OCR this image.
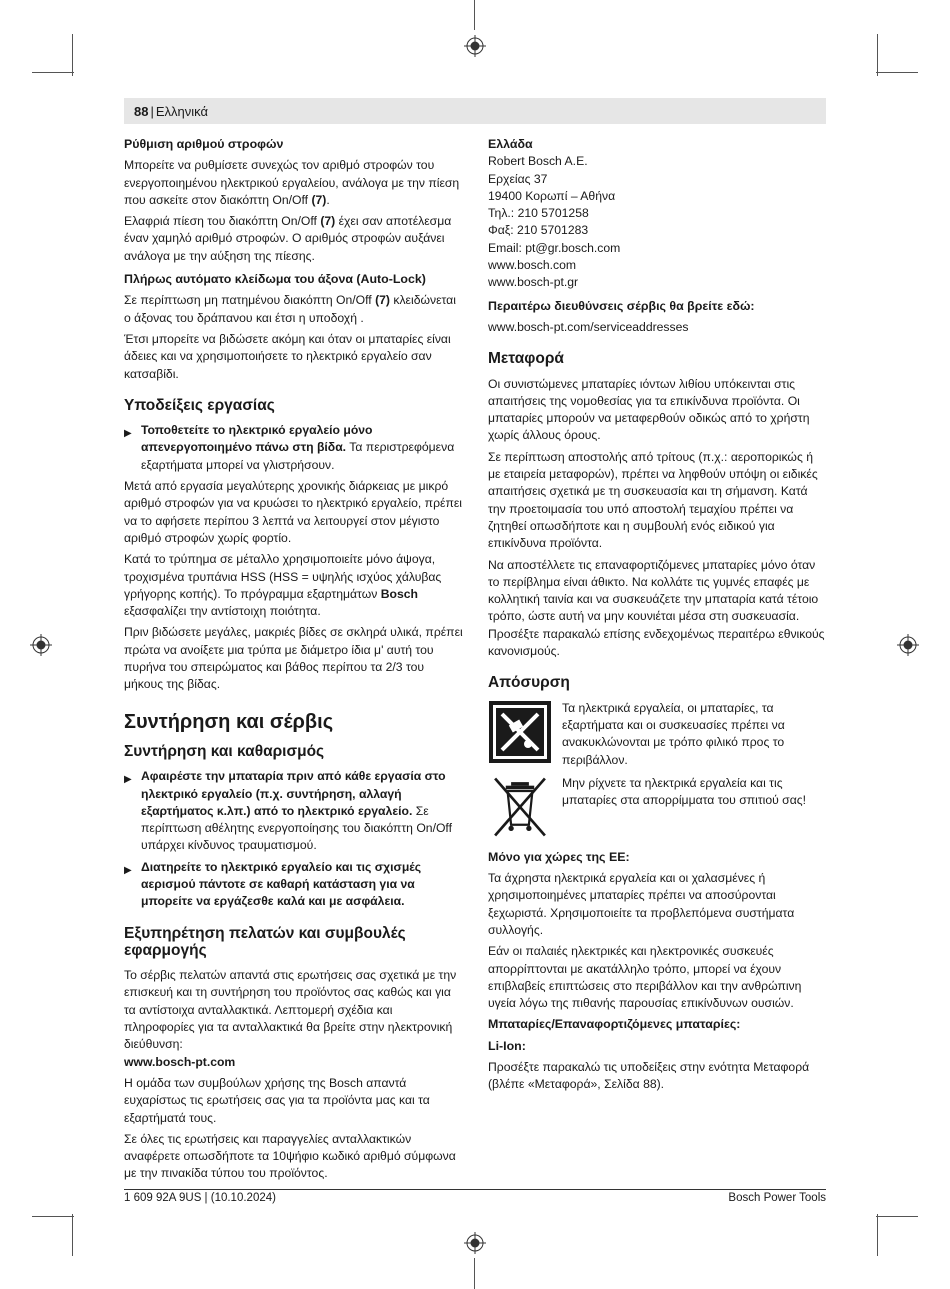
88 | Ελληνικά
Ρύθμιση αριθμού στροφών

Μπορείτε να ρυθμίσετε συνεχώς τον αριθμό στροφών του ενεργοποιημένου ηλεκτρικού εργαλείου, ανάλογα με την πίεση που ασκείτε στον διακόπτη On/Off (7).

Ελαφριά πίεση του διακόπτη On/Off (7) έχει σαν αποτέλεσμα έναν χαμηλό αριθμό στροφών. Ο αριθμός στροφών αυξάνει ανάλογα με την αύξηση της πίεσης.

Πλήρως αυτόματο κλείδωμα του άξονα (Auto-Lock)

Σε περίπτωση μη πατημένου διακόπτη On/Off (7) κλειδώνεται ο άξονας του δράπανου και έτσι η υποδοχή .

Έτσι μπορείτε να βιδώσετε ακόμη και όταν οι μπαταρίες είναι άδειες και να χρησιμοποιήσετε το ηλεκτρικό εργαλείο σαν κατσαβίδι.

Υποδείξεις εργασίας
▶ Τοποθετείτε το ηλεκτρικό εργαλείο μόνο απενεργοποιημένο πάνω στη βίδα. Τα περιστρεφόμενα εξαρτήματα μπορεί να γλιστρήσουν.

Μετά από εργασία μεγαλύτερης χρονικής διάρκειας με μικρό αριθμό στροφών για να κρυώσει το ηλεκτρικό εργαλείο, πρέπει να το αφήσετε περίπου 3 λεπτά να λειτουργεί στον μέγιστο αριθμό στροφών χωρίς φορτίο.

Κατά το τρύπημα σε μέταλλο χρησιμοποιείτε μόνο άψογα, τροχισμένα τρυπάνια HSS (HSS = υψηλής ισχύος χάλυβας γρήγορης κοπής). Το πρόγραμμα εξαρτημάτων Bosch εξασφαλίζει την αντίστοιχη ποιότητα.

Πριν βιδώσετε μεγάλες, μακριές βίδες σε σκληρά υλικά, πρέπει πρώτα να ανοίξετε μια τρύπα με διάμετρο ίδια μ' αυτή του πυρήνα του σπειρώματος και βάθος περίπου τα 2/3 του μήκους της βίδας.

Συντήρηση και σέρβις
Συντήρηση και καθαρισμός
▶ Αφαιρέστε την μπαταρία πριν από κάθε εργασία στο ηλεκτρικό εργαλείο (π.χ. συντήρηση, αλλαγή εξαρτήματος κ.λπ.) από το ηλεκτρικό εργαλείο. Σε περίπτωση αθέλητης ενεργοποίησης του διακόπτη On/Off υπάρχει κίνδυνος τραυματισμού.
▶ Διατηρείτε το ηλεκτρικό εργαλείο και τις σχισμές αερισμού πάντοτε σε καθαρή κατάσταση για να μπορείτε να εργάζεσθε καλά και με ασφάλεια.
Εξυπηρέτηση πελατών και συμβουλές εφαρμογής

Το σέρβις πελατών απαντά στις ερωτήσεις σας σχετικά με την επισκευή και τη συντήρηση του προϊόντος σας καθώς και για τα αντίστοιχα ανταλλακτικά. Λεπτομερή σχέδια και πληροφορίες για τα ανταλλακτικά θα βρείτε στην ηλεκτρονική διεύθυνση:

www.bosch-pt.com

Η ομάδα των συμβούλων χρήσης της Bosch απαντά ευχαρίστως τις ερωτήσεις σας για τα προϊόντα μας και τα εξαρτήματά τους.

Σε όλες τις ερωτήσεις και παραγγελίες ανταλλακτικών αναφέρετε οπωσδήποτε τα 10ψήφιο κωδικό αριθμό σύμφωνα με την πινακίδα τύπου του προϊόντος.

Ελλάδα
Robert Bosch A.E.
Ερχείας 37
19400 Κορωπί – Αθήνα
Τηλ.: 210 5701258
Φαξ: 210 5701283
Email: pt@gr.bosch.com
www.bosch.com
www.bosch-pt.gr
Περαιτέρω διευθύνσεις σέρβις θα βρείτε εδώ:

www.bosch-pt.com/serviceaddresses

Μεταφορά

Οι συνιστώμενες μπαταρίες ιόντων λιθίου υπόκεινται στις απαιτήσεις της νομοθεσίας για τα επικίνδυνα προϊόντα. Οι μπαταρίες μπορούν να μεταφερθούν οδικώς από το χρήστη χωρίς άλλους όρους.

Σε περίπτωση αποστολής από τρίτους (π.χ.: αεροπορικώς ή με εταιρεία μεταφορών), πρέπει να ληφθούν υπόψη οι ειδικές απαιτήσεις σχετικά με τη συσκευασία και τη σήμανση. Κατά την προετοιμασία του υπό αποστολή τεμαχίου πρέπει να ζητηθεί οπωσδήποτε και η συμβουλή ενός ειδικού για επικίνδυνα προϊόντα.

Να αποστέλλετε τις επαναφορτιζόμενες μπαταρίες μόνο όταν το περίβλημα είναι άθικτο. Να κολλάτε τις γυμνές επαφές με κολλητική ταινία και να συσκευάζετε την μπαταρία κατά τέτοιο τρόπο, ώστε αυτή να μην κουνιέται μέσα στη συσκευασία. Προσέξτε παρακαλώ επίσης ενδεχομένως περαιτέρω εθνικούς κανονισμούς.

Απόσυρση
Τα ηλεκτρικά εργαλεία, οι μπαταρίες, τα εξαρτήματα και οι συσκευασίες πρέπει να ανακυκλώνονται με τρόπο φιλικό προς το περιβάλλον.
Μην ρίχνετε τα ηλεκτρικά εργαλεία και τις μπαταρίες στα απορρίμματα του σπιτιού σας!
Μόνο για χώρες της ΕΕ:

Τα άχρηστα ηλεκτρικά εργαλεία και οι χαλασμένες ή χρησιμοποιημένες μπαταρίες πρέπει να αποσύρονται ξεχωριστά. Χρησιμοποιείτε τα προβλεπόμενα συστήματα συλλογής.

Εάν οι παλαιές ηλεκτρικές και ηλεκτρονικές συσκευές απορρίπτονται με ακατάλληλο τρόπο, μπορεί να έχουν επιβλαβείς επιπτώσεις στο περιβάλλον και την ανθρώπινη υγεία λόγω της πιθανής παρουσίας επικίνδυνων ουσιών.

Μπαταρίες/Επαναφορτιζόμενες μπαταρίες:
Li-Ion:

Προσέξτε παρακαλώ τις υποδείξεις στην ενότητα Μεταφορά (βλέπε «Μεταφορά», Σελίδα 88).

1 609 92A 9US | (10.10.2024)	Bosch Power Tools
